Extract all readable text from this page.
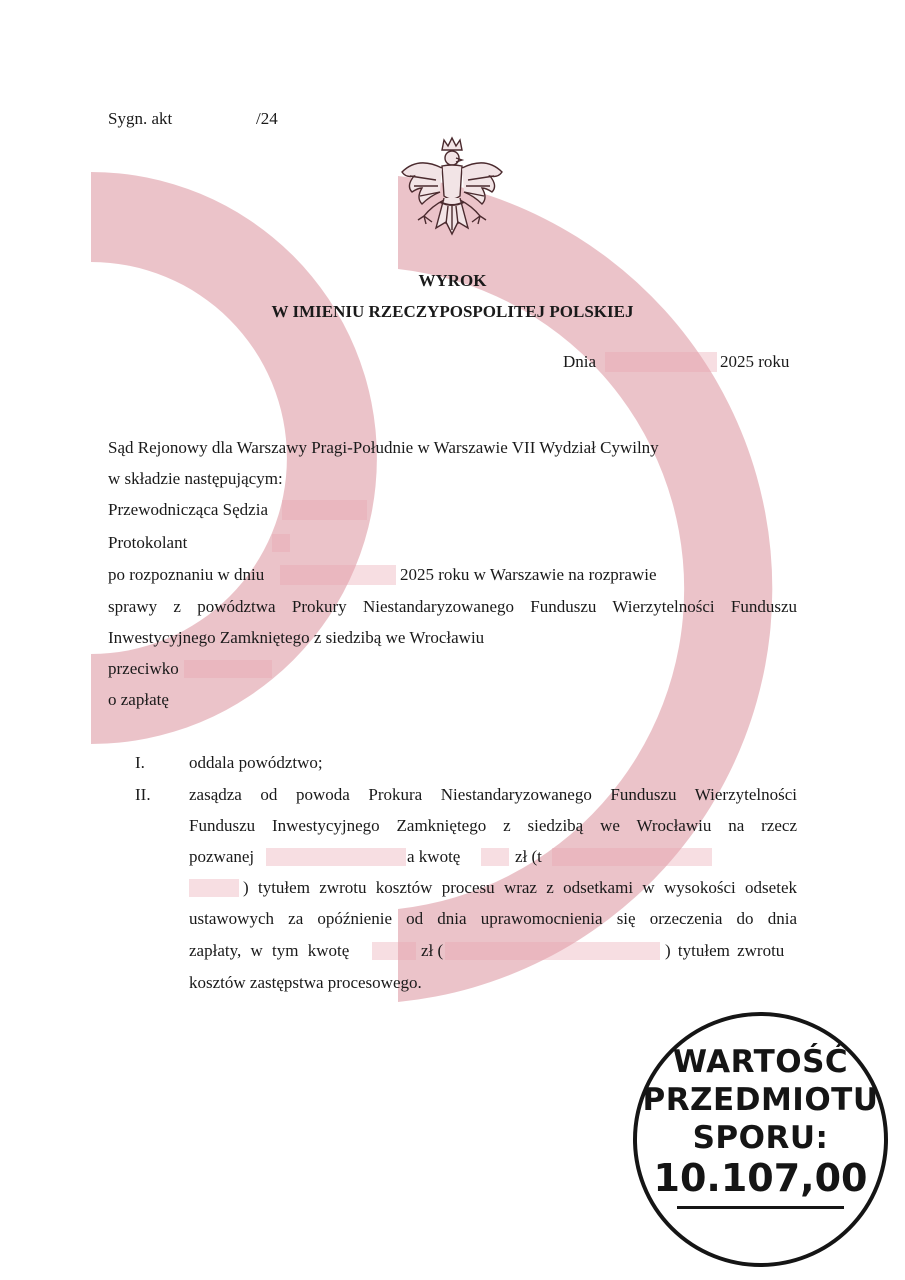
Sygn. akt	/24
WYROK
W IMIENIU RZECZYPOSPOLITEJ POLSKIEJ
Dnia	2025 roku
Sąd Rejonowy dla Warszawy Pragi-Południe w Warszawie VII Wydział Cywilny
w składzie następującym:
Przewodnicząca Sędzia
Protokolant
po rozpoznaniu w dniu	2025 roku w Warszawie na rozprawie
sprawy z powództwa Prokury Niestandaryzowanego Funduszu Wierzytelności Funduszu
Inwestycyjnego Zamkniętego z siedzibą we Wrocławiu
przeciwko
o zapłatę
I.	oddala powództwo;
II. zasądza od powoda Prokura Niestandaryzowanego Funduszu Wierzytelności
Funduszu Inwestycyjnego Zamkniętego z siedzibą we Wrocławiu na rzecz
pozwanej	a kwotę	zł (t
) tytułem zwrotu kosztów procesu wraz z odsetkami w wysokości odsetek
ustawowych za opóźnienie od dnia uprawomocnienia się orzeczenia do dnia
zapłaty, w tym kwotę	zł (	) tytułem zwrotu
kosztów zastępstwa procesowego.
WARTOŚĆ
PRZEDMIOTU
SPORU:
10.107,00
